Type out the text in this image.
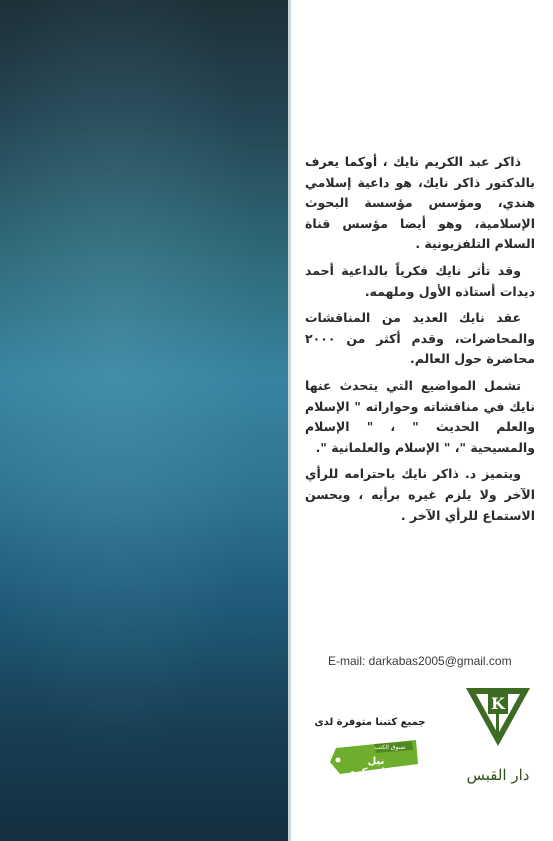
ذاكر عبد الكريم نايك ، أوكما يعرف بالدكتور ذاكر نايك، هو داعية إسلامي هندي، ومؤسس مؤسسة البحوث الإسلامية، وهو أيضا مؤسس قناة السلام التلفزيونية .

وقد تأثر نايك فكرياً بالداعية أحمد ديدات أستاذه الأول وملهمه.

عقد نايك العديد من المناقشات والمحاضرات، وقدم أكثر من ٢٠٠٠ محاضرة حول العالم.

تشمل المواضيع التي يتحدث عنها نايك في مناقشاته وحواراته " الإسلام والعلم الحديث " ، " الإسلام والمسيحية "، " الإسلام والعلمانية ".

ويتميز د. ذاكر نايك باحترامه للرأي الآخر ولا يلزم غيره برأيه ، ويحسن الاستماع للرأي الآخر .

E-mail: darkabas2005@gmail.com
K
دار القبس
جميع كتبنا متوفرة لدى
تسوق الكتب
نيل وفرات.كوم
